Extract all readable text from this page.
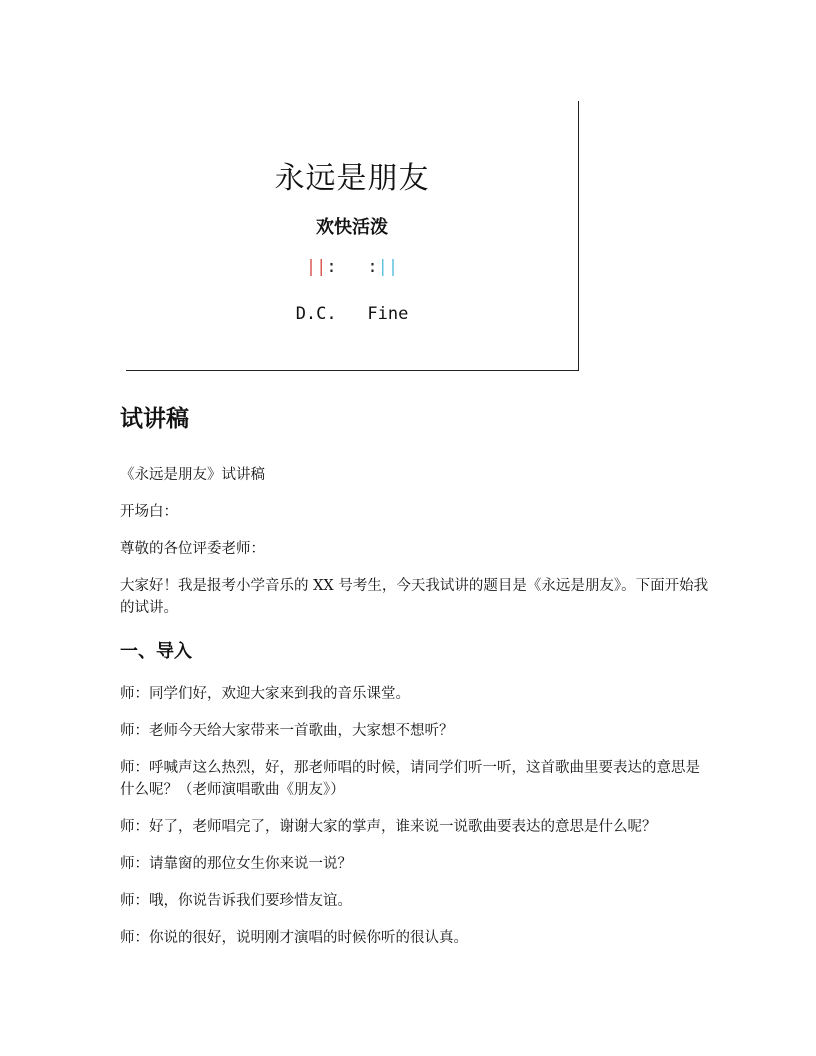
永远是朋友
欢快活泼
||: :||
D.C. Fine
试讲稿

《永远是朋友》试讲稿

开场白：

尊敬的各位评委老师：

大家好！我是报考小学音乐的 XX 号考生，今天我试讲的题目是《永远是朋友》。下面开始我的试讲。

一、导入

师：同学们好，欢迎大家来到我的音乐课堂。

师：老师今天给大家带来一首歌曲，大家想不想听？

师：呼喊声这么热烈，好，那老师唱的时候，请同学们听一听，这首歌曲里要表达的意思是什么呢？（老师演唱歌曲《朋友》）

师：好了，老师唱完了，谢谢大家的掌声，谁来说一说歌曲要表达的意思是什么呢？

师：请靠窗的那位女生你来说一说？

师：哦，你说告诉我们要珍惜友谊。

师：你说的很好，说明刚才演唱的时候你听的很认真。
